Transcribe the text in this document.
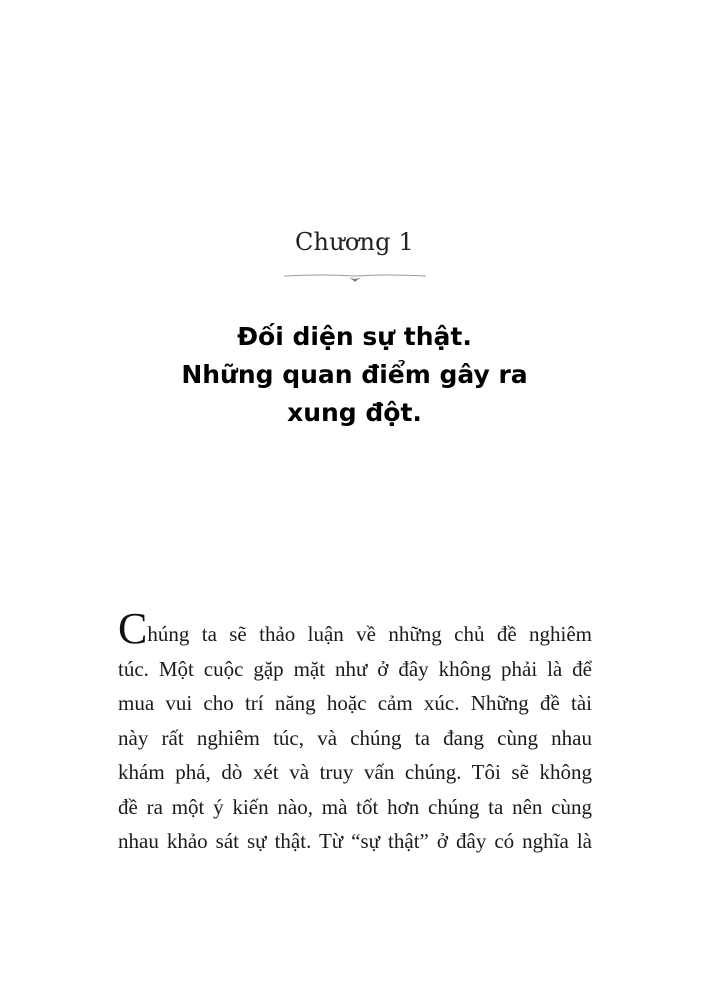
Chương 1
Đối diện sự thật.
Những quan điểm gây ra
xung đột.
Chúng ta sẽ thảo luận về những chủ đề nghiêm
túc. Một cuộc gặp mặt như ở đây không phải là để
mua vui cho trí năng hoặc cảm xúc. Những đề tài
này rất nghiêm túc, và chúng ta đang cùng nhau
khám phá, dò xét và truy vấn chúng. Tôi sẽ không
đề ra một ý kiến nào, mà tốt hơn chúng ta nên cùng
nhau khảo sát sự thật. Từ “sự thật” ở đây có nghĩa là
